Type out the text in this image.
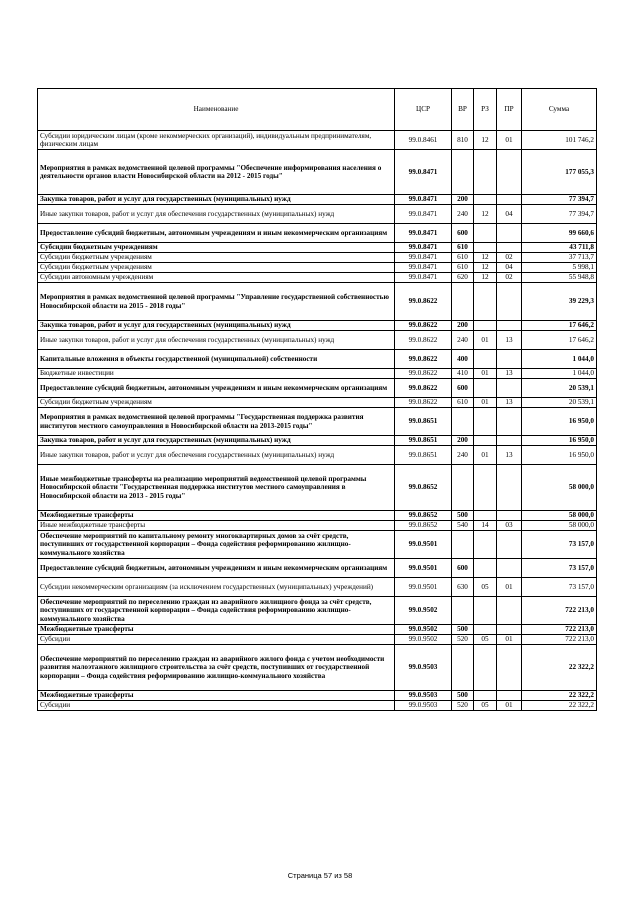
Наименование	ЦСР	ВР	РЗ	ПР	Сумма
Субсидии юридическим лицам (кроме некоммерческих организаций), индивидуальным предпринимателям, физическим лицам	99.0.8461	810	12	01	101 746,2
Мероприятия в рамках ведомственной целевой программы "Обеспечение информирования населения о деятельности органов власти Новосибирской области на 2012 - 2015 годы"	99.0.8471				177 055,3
Закупка товаров, работ и услуг для государственных (муниципальных) нужд	99.0.8471	200			77 394,7
Иные закупки товаров, работ и услуг для обеспечения государственных (муниципальных) нужд	99.0.8471	240	12	04	77 394,7
Предоставление субсидий бюджетным, автономным учреждениям и иным некоммерческим организациям	99.0.8471	600			99 660,6
Субсидии бюджетным учреждениям	99.0.8471	610			43 711,8
Субсидии бюджетным учреждениям	99.0.8471	610	12	02	37 713,7
Субсидии бюджетным учреждениям	99.0.8471	610	12	04	5 998,1
Субсидии автономным учреждениям	99.0.8471	620	12	02	55 948,8
Мероприятия в рамках ведомственной целевой программы "Управление государственной собственностью Новосибирской области на 2015 - 2018 годы"	99.0.8622				39 229,3
Закупка товаров, работ и услуг для государственных (муниципальных) нужд	99.0.8622	200			17 646,2
Иные закупки товаров, работ и услуг для обеспечения государственных (муниципальных) нужд	99.0.8622	240	01	13	17 646,2
Капитальные вложения в объекты государственной (муниципальной) собственности	99.0.8622	400			1 044,0
Бюджетные инвестиции	99.0.8622	410	01	13	1 044,0
Предоставление субсидий бюджетным, автономным учреждениям и иным некоммерческим организациям	99.0.8622	600			20 539,1
Субсидии бюджетным учреждениям	99.0.8622	610	01	13	20 539,1
Мероприятия в рамках ведомственной целевой программы "Государственная поддержка развития институтов местного самоуправления в Новосибирской области на 2013-2015 годы"	99.0.8651				16 950,0
Закупка товаров, работ и услуг для государственных (муниципальных) нужд	99.0.8651	200			16 950,0
Иные закупки товаров, работ и услуг для обеспечения государственных (муниципальных) нужд	99.0.8651	240	01	13	16 950,0
Иные межбюджетные трансферты на реализацию мероприятий ведомственной целевой программы Новосибирской области "Государственная поддержка институтов местного самоуправления в Новосибирской области на 2013 - 2015 годы"	99.0.8652				58 000,0
Межбюджетные трансферты	99.0.8652	500			58 000,0
Иные межбюджетные трансферты	99.0.8652	540	14	03	58 000,0
Обеспечение мероприятий по капитальному ремонту многоквартирных домов за счёт средств, поступивших от государственной корпорации – Фонда содействия реформированию жилищно-коммунального хозяйства	99.0.9501				73 157,0
Предоставление субсидий бюджетным, автономным учреждениям и иным некоммерческим организациям	99.0.9501	600			73 157,0
Субсидии некоммерческим организациям (за исключением государственных (муниципальных) учреждений)	99.0.9501	630	05	01	73 157,0
Обеспечение мероприятий по переселению граждан из аварийного жилищного фонда за счёт средств, поступивших от государственной корпорации – Фонда содействия реформированию жилищно-коммунального хозяйства	99.0.9502				722 213,0
Межбюджетные трансферты	99.0.9502	500			722 213,0
Субсидии	99.0.9502	520	05	01	722 213,0
Обеспечение мероприятий по переселению граждан из аварийного жилого фонда с учетом необходимости развития малоэтажного жилищного строительства за счёт средств, поступивших от государственной корпорации – Фонда содействия реформированию жилищно-коммунального хозяйства	99.0.9503				22 322,2
Межбюджетные трансферты	99.0.9503	500			22 322,2
Субсидии	99.0.9503	520	05	01	22 322,2
Страница 57 из 58
